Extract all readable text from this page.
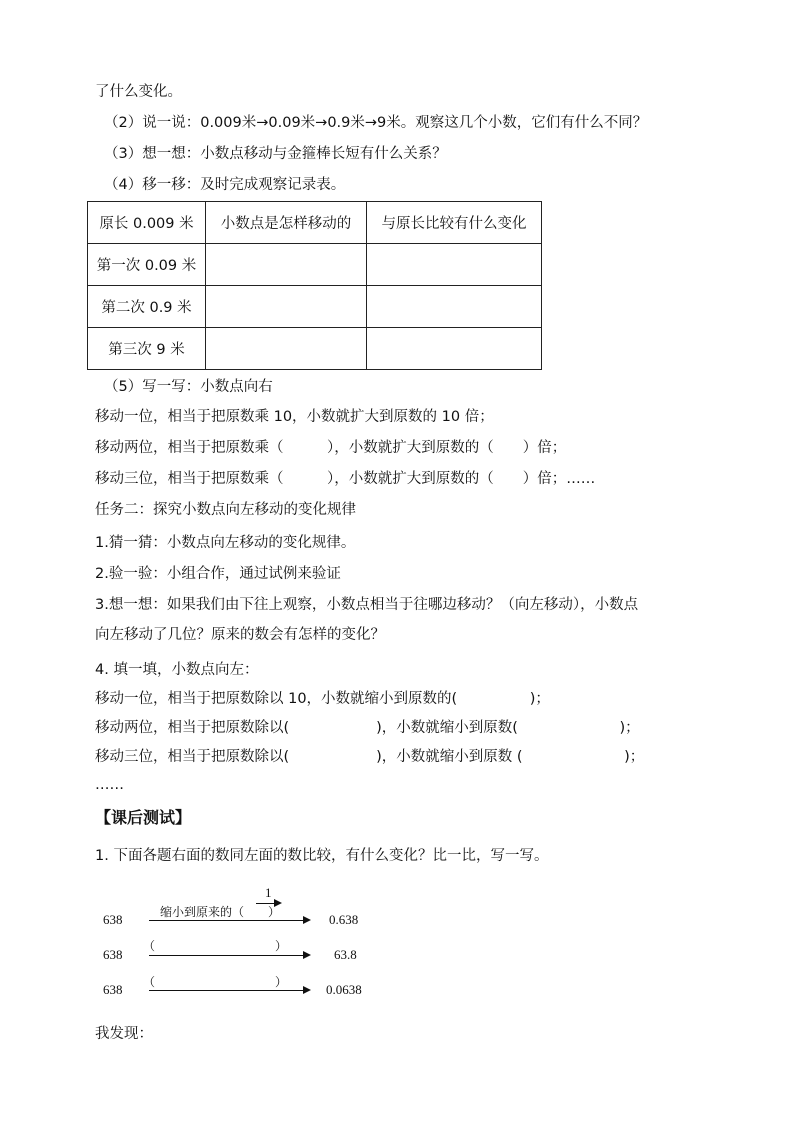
了什么变化。
（2）说一说：0.009米→0.09米→0.9米→9米。观察这几个小数，它们有什么不同？
（3）想一想：小数点移动与金箍棒长短有什么关系？
（4）移一移：及时完成观察记录表。
原长 0.009 米	小数点是怎样移动的	与原长比较有什么变化
第一次 0.09 米		
第二次 0.9 米		
第三次 9 米		
（5）写一写：小数点向右
移动一位，相当于把原数乘 10，小数就扩大到原数的 10 倍；
移动两位，相当于把原数乘（　　　），小数就扩大到原数的（　　）倍；
移动三位，相当于把原数乘（　　　），小数就扩大到原数的（　　）倍；……
任务二：探究小数点向左移动的变化规律
1.猜一猜：小数点向左移动的变化规律。
2.验一验：小组合作，通过试例来验证
3.想一想：如果我们由下往上观察，小数点相当于往哪边移动？（向左移动），小数点
向左移动了几位？原来的数会有怎样的变化？
4. 填一填，小数点向左：
移动一位，相当于把原数除以 10，小数就缩小到原数的(　　　　　)；
移动两位，相当于把原数除以(　　　　　　)，小数就缩小到原数(　　　　　　　)；
移动三位，相当于把原数除以(　　　　　　)，小数就缩小到原数 (　　　　　　　)；
……
【课后测试】
1. 下面各题右面的数同左面的数比较，有什么变化？比一比，写一写。
638
1
缩小到原来的（　　）	0.638
638
（　　　　　　　　　　）
63.8
638 （　　　　　　　　　　）	0.0638
我发现：
